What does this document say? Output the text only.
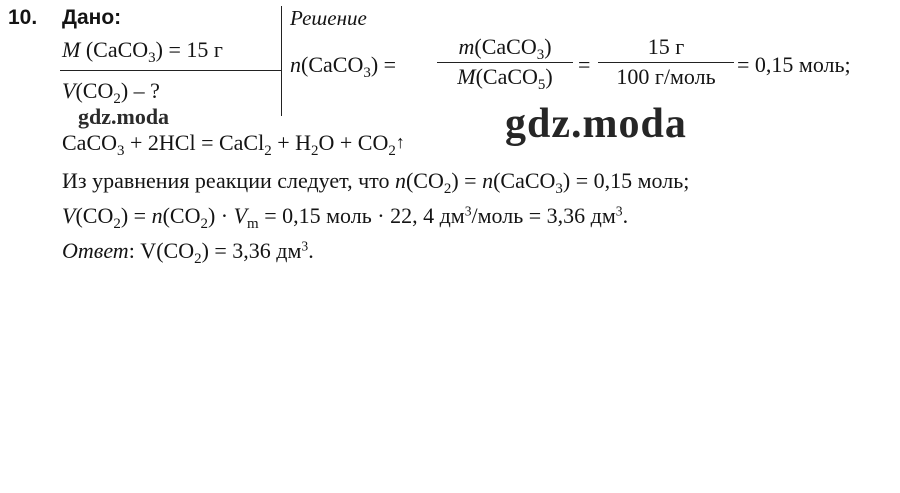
10. Дано:
M (CaCO$_3$) = 15 г
$V(CO_2)$ – ?
Решение
n(CaCO$_3$) =
m(CaCO$_3$)
M(CaCO$_5$)	=
15 г
100 г/моль = 0,15 моль;
gdz.moda
CaCO$_3$ + 2HCl = CaCl$_2$ + $H_2O$ + $CO_2↑$ gdz.moda
Из уравнения реакции следует, что $n(CO_2)$ = n(CaCO$_3$) = 0,15 моль;
$V(CO_2) = n(CO_2) \cdot V_m = 0,15$ моль · 22, 4 $дм^3$/моль = 3,36 $дм^3$.
Ответ: $V(CO_2) = 3,36$ $дм^3$.
